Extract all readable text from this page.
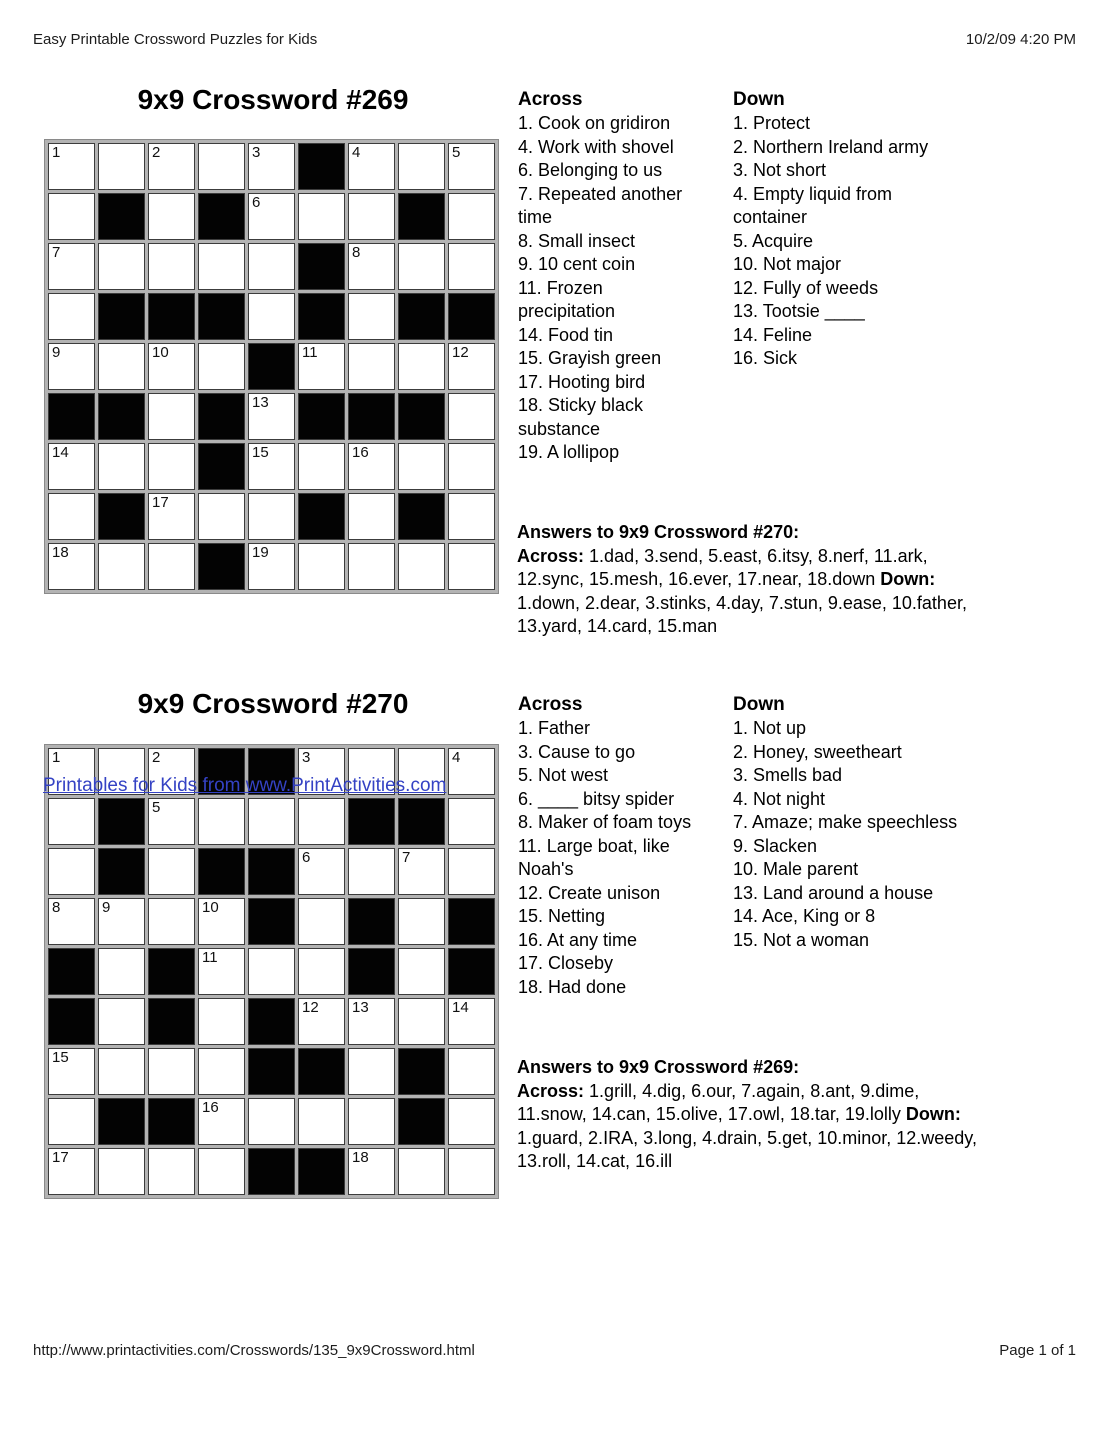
Easy Printable Crossword Puzzles for Kids	10/2/09 4:20 PM
9x9 Crossword #269
1		2		3		4		5
				6				
7						8		

9		10			11			12
				13				
14				15		16		
		17						
18				19				
Across
1. Cook on gridiron
4. Work with shovel
6. Belonging to us
7. Repeated another time
8. Small insect
9. 10 cent coin
11. Frozen precipitation
14. Food tin
15. Grayish green
17. Hooting bird
18. Sticky black substance
19. A lollipop
Down
1. Protect
2. Northern Ireland army
3. Not short
4. Empty liquid from container
5. Acquire
10. Not major
12. Fully of weeds
13. Tootsie ____
14. Feline
16. Sick
Answers to 9x9 Crossword #270:
Across: 1.dad, 3.send, 5.east, 6.itsy, 8.nerf, 11.ark, 12.sync, 15.mesh, 16.ever, 17.near, 18.down Down: 1.down, 2.dear, 3.stinks, 4.day, 7.stun, 9.ease, 10.father, 13.yard, 14.card, 15.man
9x9 Crossword #270
1		2			3			4
		5						
					6		7	
8	9		10					
			11					
					12	13		14
15								
			16					
17						18		
Printables for Kids from www.PrintActivities.com
Across
1. Father
3. Cause to go
5. Not west
6. ____ bitsy spider
8. Maker of foam toys
11. Large boat, like Noah's
12. Create unison
15. Netting
16. At any time
17. Closeby
18. Had done
Down
1. Not up
2. Honey, sweetheart
3. Smells bad
4. Not night
7. Amaze; make speechless
9. Slacken
10. Male parent
13. Land around a house
14. Ace, King or 8
15. Not a woman
Answers to 9x9 Crossword #269:
Across: 1.grill, 4.dig, 6.our, 7.again, 8.ant, 9.dime, 11.snow, 14.can, 15.olive, 17.owl, 18.tar, 19.lolly Down: 1.guard, 2.IRA, 3.long, 4.drain, 5.get, 10.minor, 12.weedy, 13.roll, 14.cat, 16.ill
http://www.printactivities.com/Crosswords/135_9x9Crossword.html	Page 1 of 1
